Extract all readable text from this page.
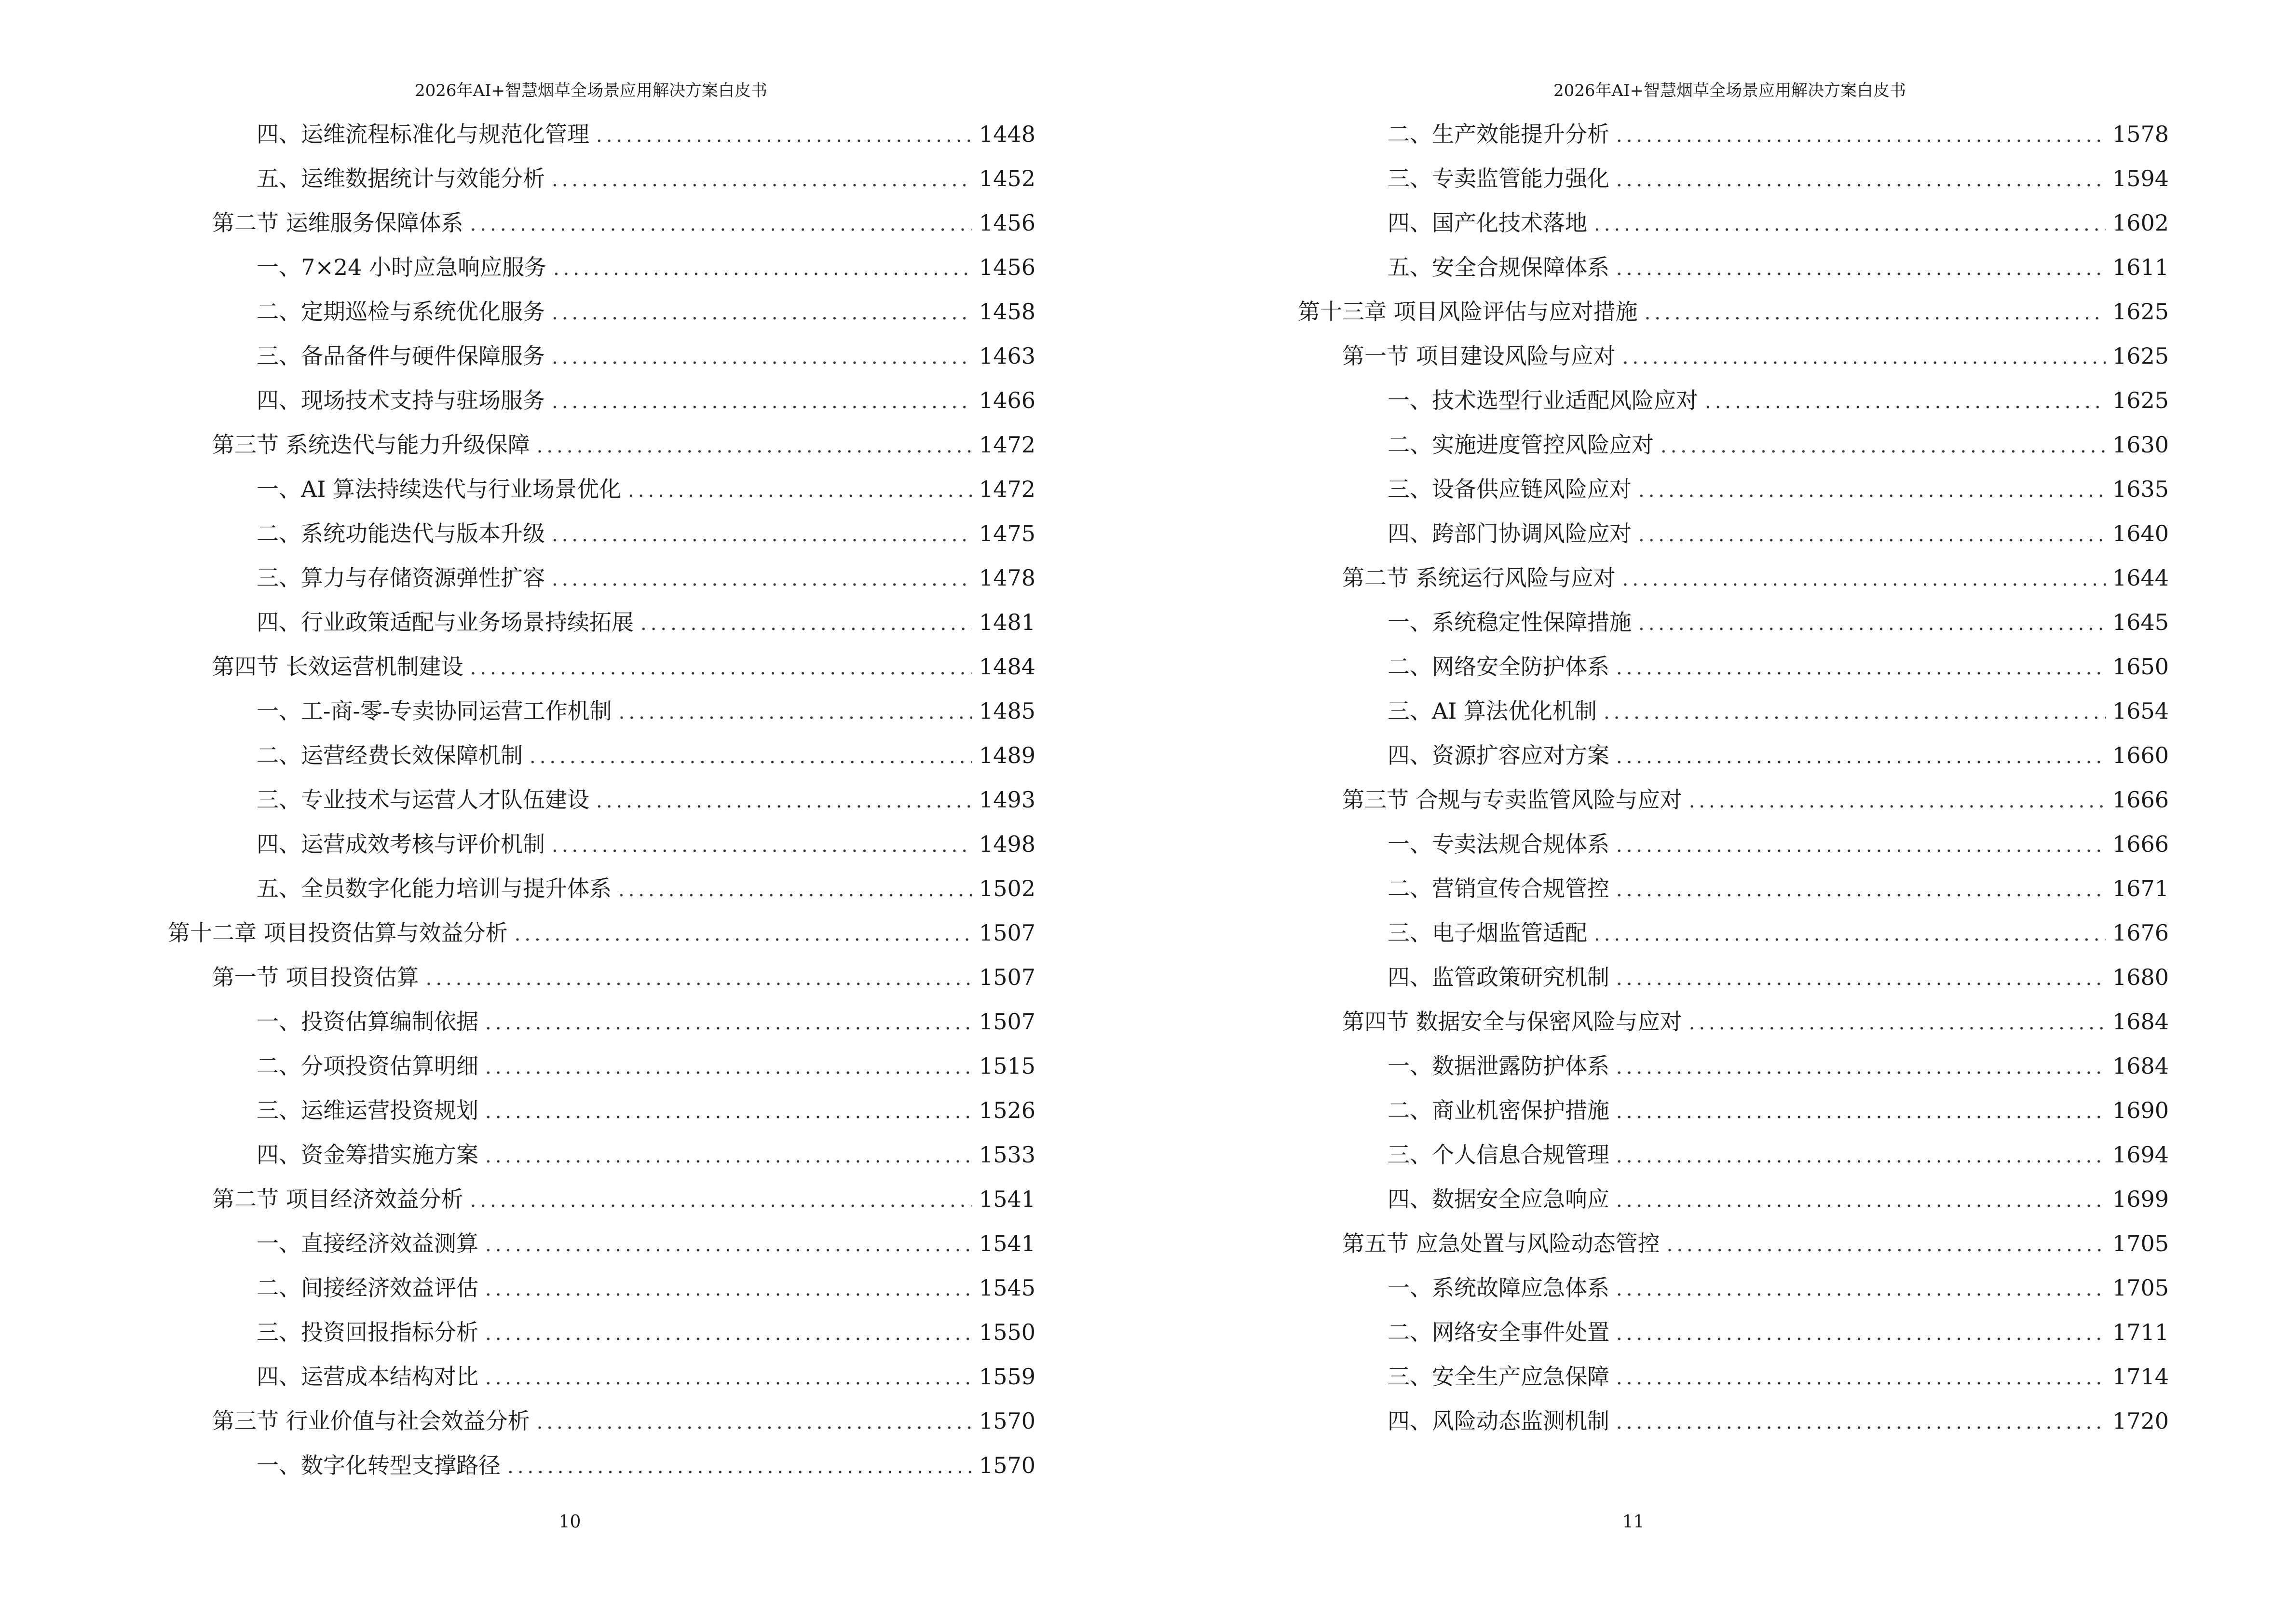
2026年AI+智慧烟草全场景应用解决方案白皮书
四、运维流程标准化与规范化管理 .....	1448
五、运维数据统计与效能分析 .....	1452
第二节 运维服务保障体系 .....	1456
一、7×24 小时应急响应服务 .....	1456
二、定期巡检与系统优化服务 .....	1458
三、备品备件与硬件保障服务 .....	1463
四、现场技术支持与驻场服务 .....	1466
第三节 系统迭代与能力升级保障 .....	1472
一、AI 算法持续迭代与行业场景优化 .....	1472
二、系统功能迭代与版本升级 .....	1475
三、算力与存储资源弹性扩容 .....	1478
四、行业政策适配与业务场景持续拓展 .....	1481
第四节 长效运营机制建设 .....	1484
一、工-商-零-专卖协同运营工作机制 .....	1485
二、运营经费长效保障机制 .....	1489
三、专业技术与运营人才队伍建设 .....	1493
四、运营成效考核与评价机制 .....	1498
五、全员数字化能力培训与提升体系 .....	1502
第十二章 项目投资估算与效益分析 .....	1507
第一节 项目投资估算 .....	1507
一、投资估算编制依据 .....	1507
二、分项投资估算明细 .....	1515
三、运维运营投资规划 .....	1526
四、资金筹措实施方案 .....	1533
第二节 项目经济效益分析 .....	1541
一、直接经济效益测算 .....	1541
二、间接经济效益评估 .....	1545
三、投资回报指标分析 .....	1550
四、运营成本结构对比 .....	1559
第三节 行业价值与社会效益分析 .....	1570
一、数字化转型支撑路径 .....	1570
10
2026年AI+智慧烟草全场景应用解决方案白皮书
二、生产效能提升分析 .....	1578
三、专卖监管能力强化 .....	1594
四、国产化技术落地 .....	1602
五、安全合规保障体系 .....	1611
第十三章 项目风险评估与应对措施 .....	1625
第一节 项目建设风险与应对 .....	1625
一、技术选型行业适配风险应对 .....	1625
二、实施进度管控风险应对 .....	1630
三、设备供应链风险应对 .....	1635
四、跨部门协调风险应对 .....	1640
第二节 系统运行风险与应对 .....	1644
一、系统稳定性保障措施 .....	1645
二、网络安全防护体系 .....	1650
三、AI 算法优化机制 .....	1654
四、资源扩容应对方案 .....	1660
第三节 合规与专卖监管风险与应对 .....	1666
一、专卖法规合规体系 .....	1666
二、营销宣传合规管控 .....	1671
三、电子烟监管适配 .....	1676
四、监管政策研究机制 .....	1680
第四节 数据安全与保密风险与应对 .....	1684
一、数据泄露防护体系 .....	1684
二、商业机密保护措施 .....	1690
三、个人信息合规管理 .....	1694
四、数据安全应急响应 .....	1699
第五节 应急处置与风险动态管控 .....	1705
一、系统故障应急体系 .....	1705
二、网络安全事件处置 .....	1711
三、安全生产应急保障 .....	1714
四、风险动态监测机制 .....	1720
11
